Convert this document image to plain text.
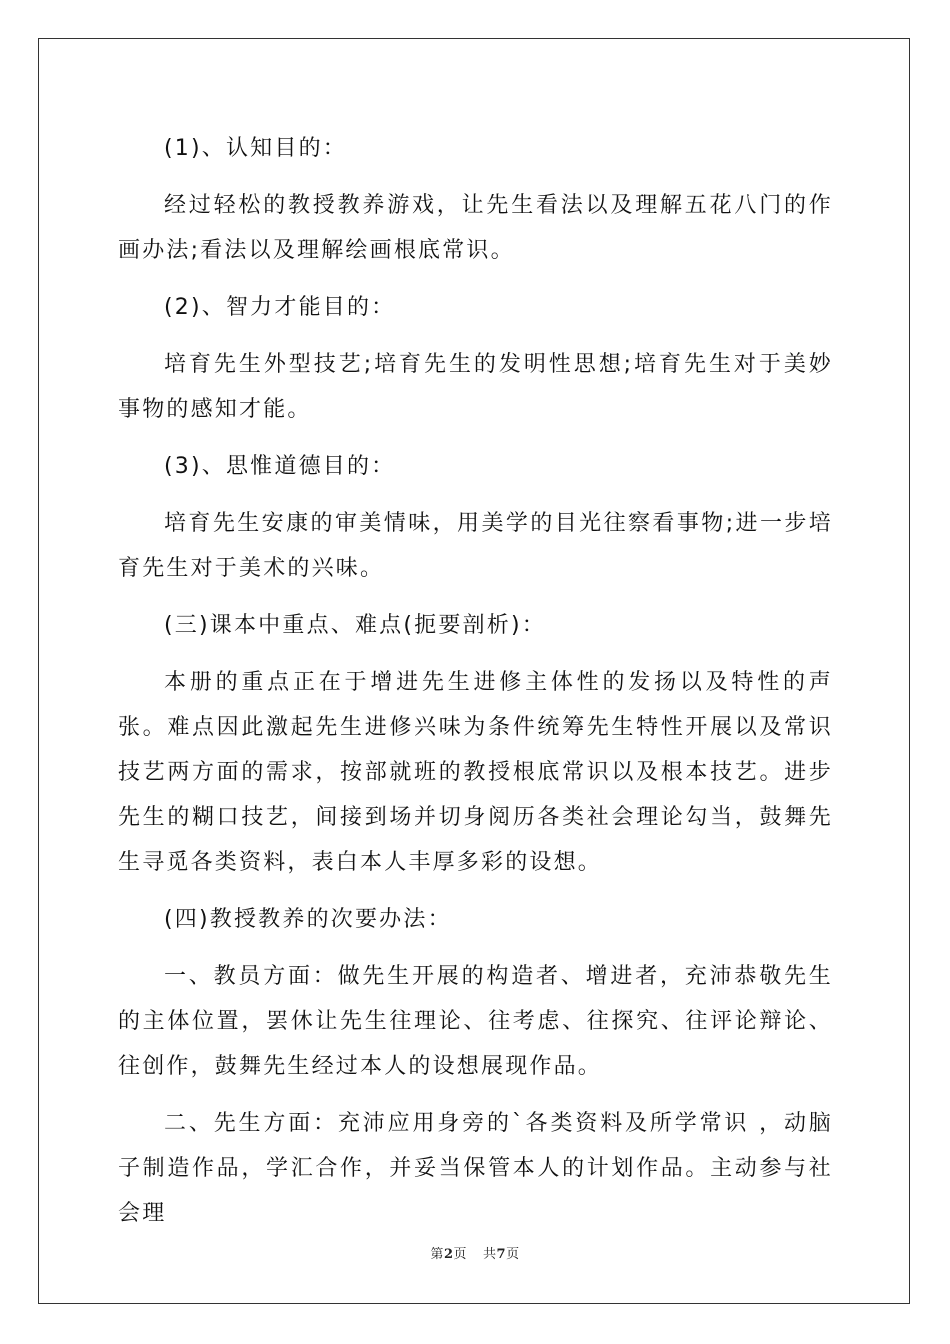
(1)、认知目的：

经过轻松的教授教养游戏，让先生看法以及理解五花八门的作画办法;看法以及理解绘画根底常识。

(2)、智力才能目的：

培育先生外型技艺;培育先生的发明性思想;培育先生对于美妙事物的感知才能。

(3)、思惟道德目的：

培育先生安康的审美情味，用美学的目光往察看事物;进一步培育先生对于美术的兴味。

(三)课本中重点、难点(扼要剖析)：

本册的重点正在于增进先生进修主体性的发扬以及特性的声张。难点因此激起先生进修兴味为条件统筹先生特性开展以及常识技艺两方面的需求，按部就班的教授根底常识以及根本技艺。进步先生的糊口技艺，间接到场并切身阅历各类社会理论勾当，鼓舞先生寻觅各类资料，表白本人丰厚多彩的设想。

(四)教授教养的次要办法：

一、教员方面：做先生开展的构造者、增进者，充沛恭敬先生的主体位置，罢休让先生往理论、往考虑、往探究、往评论辩论、往创作，鼓舞先生经过本人的设想展现作品。

二、先生方面：充沛应用身旁的`各类资料及所学常识 ，动脑子制造作品，学汇合作，并妥当保管本人的计划作品。主动参与社会理

第2页 共7页
